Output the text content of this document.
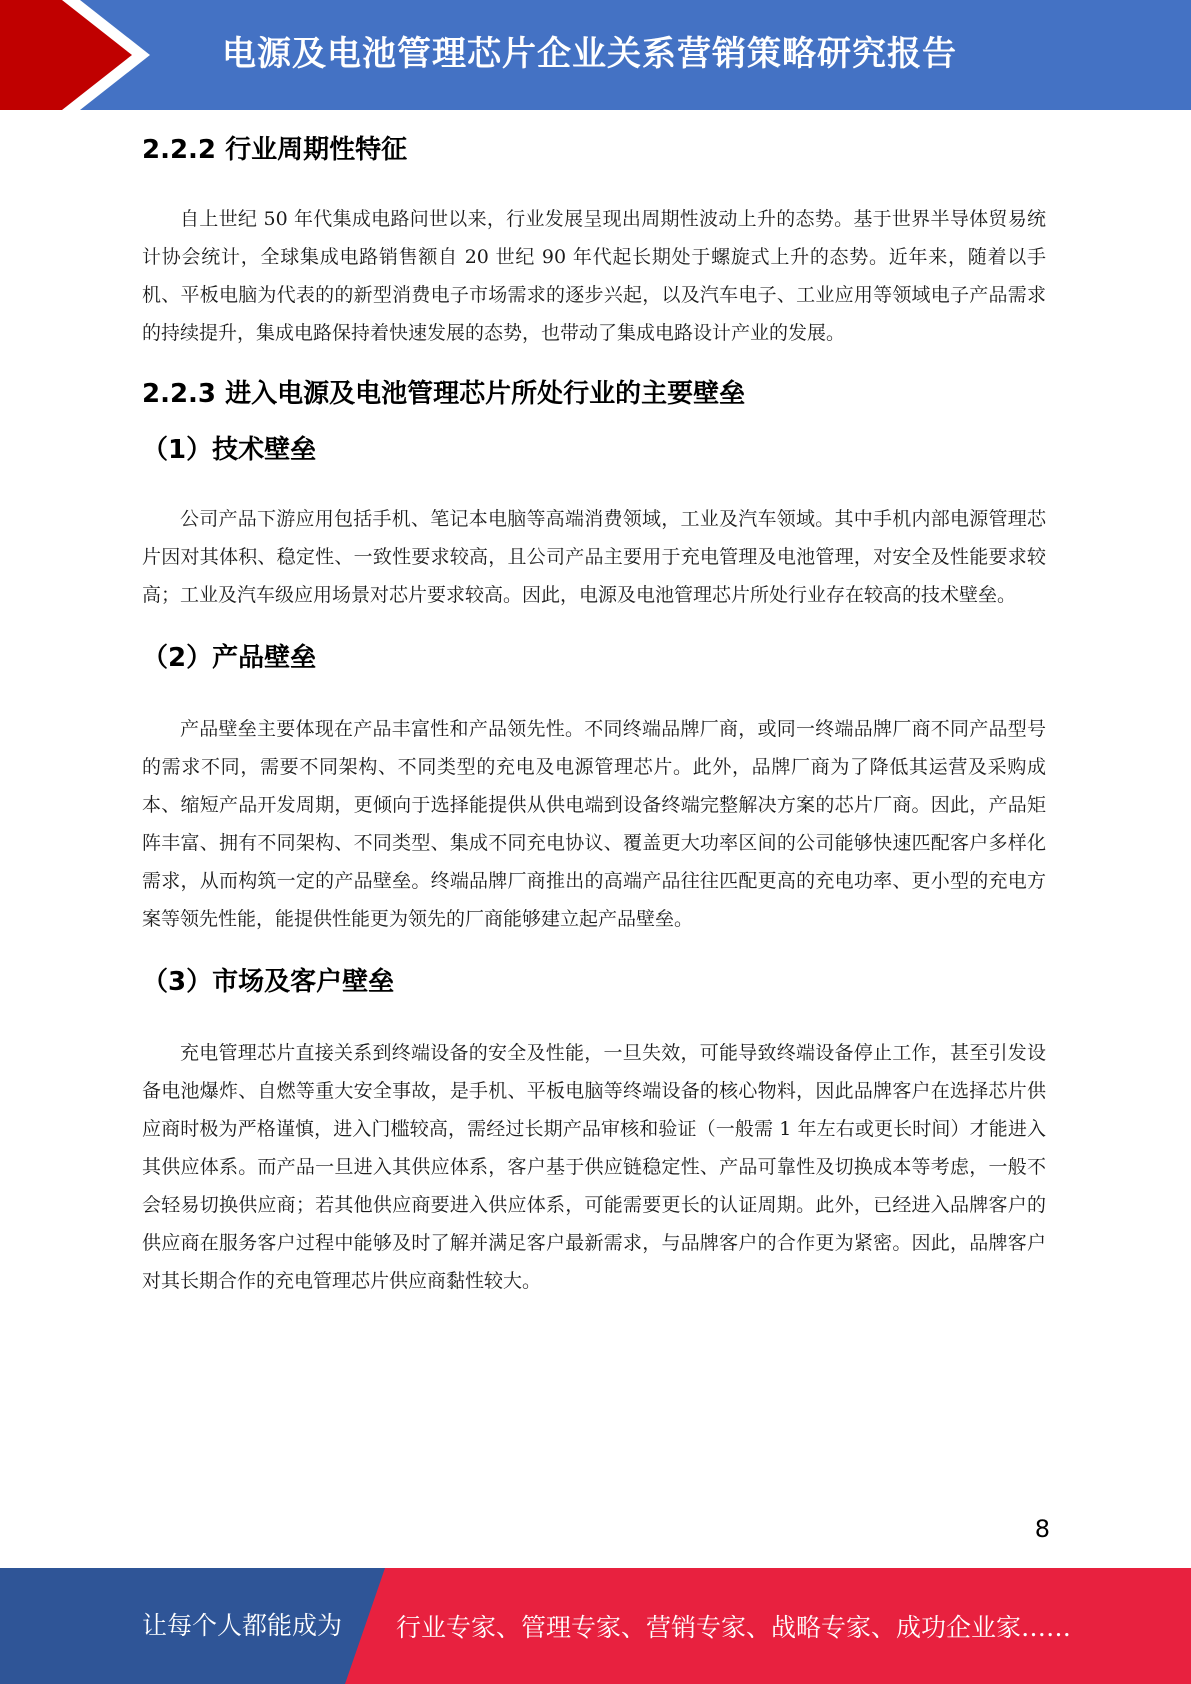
电源及电池管理芯片企业关系营销策略研究报告
2.2.2 行业周期性特征

自上世纪 50 年代集成电路问世以来，行业发展呈现出周期性波动上升的态势。基于世界半导体贸易统计协会统计，全球集成电路销售额自 20 世纪 90 年代起长期处于螺旋式上升的态势。近年来，随着以手机、平板电脑为代表的的新型消费电子市场需求的逐步兴起，以及汽车电子、工业应用等领域电子产品需求的持续提升，集成电路保持着快速发展的态势，也带动了集成电路设计产业的发展。

2.2.3 进入电源及电池管理芯片所处行业的主要壁垒
（1）技术壁垒

公司产品下游应用包括手机、笔记本电脑等高端消费领域，工业及汽车领域。其中手机内部电源管理芯片因对其体积、稳定性、一致性要求较高，且公司产品主要用于充电管理及电池管理，对安全及性能要求较高；工业及汽车级应用场景对芯片要求较高。因此，电源及电池管理芯片所处行业存在较高的技术壁垒。

（2）产品壁垒

产品壁垒主要体现在产品丰富性和产品领先性。不同终端品牌厂商，或同一终端品牌厂商不同产品型号的需求不同，需要不同架构、不同类型的充电及电源管理芯片。此外，品牌厂商为了降低其运营及采购成本、缩短产品开发周期，更倾向于选择能提供从供电端到设备终端完整解决方案的芯片厂商。因此，产品矩阵丰富、拥有不同架构、不同类型、集成不同充电协议、覆盖更大功率区间的公司能够快速匹配客户多样化需求，从而构筑一定的产品壁垒。终端品牌厂商推出的高端产品往往匹配更高的充电功率、更小型的充电方案等领先性能，能提供性能更为领先的厂商能够建立起产品壁垒。

（3）市场及客户壁垒

充电管理芯片直接关系到终端设备的安全及性能，一旦失效，可能导致终端设备停止工作，甚至引发设备电池爆炸、自燃等重大安全事故，是手机、平板电脑等终端设备的核心物料，因此品牌客户在选择芯片供应商时极为严格谨慎，进入门槛较高，需经过长期产品审核和验证（一般需 1 年左右或更长时间）才能进入其供应体系。而产品一旦进入其供应体系，客户基于供应链稳定性、产品可靠性及切换成本等考虑，一般不会轻易切换供应商；若其他供应商要进入供应体系，可能需要更长的认证周期。此外，已经进入品牌客户的供应商在服务客户过程中能够及时了解并满足客户最新需求，与品牌客户的合作更为紧密。因此，品牌客户对其长期合作的充电管理芯片供应商黏性较大。

8
让每个人都能成为 行业专家、管理专家、营销专家、战略专家、成功企业家……
